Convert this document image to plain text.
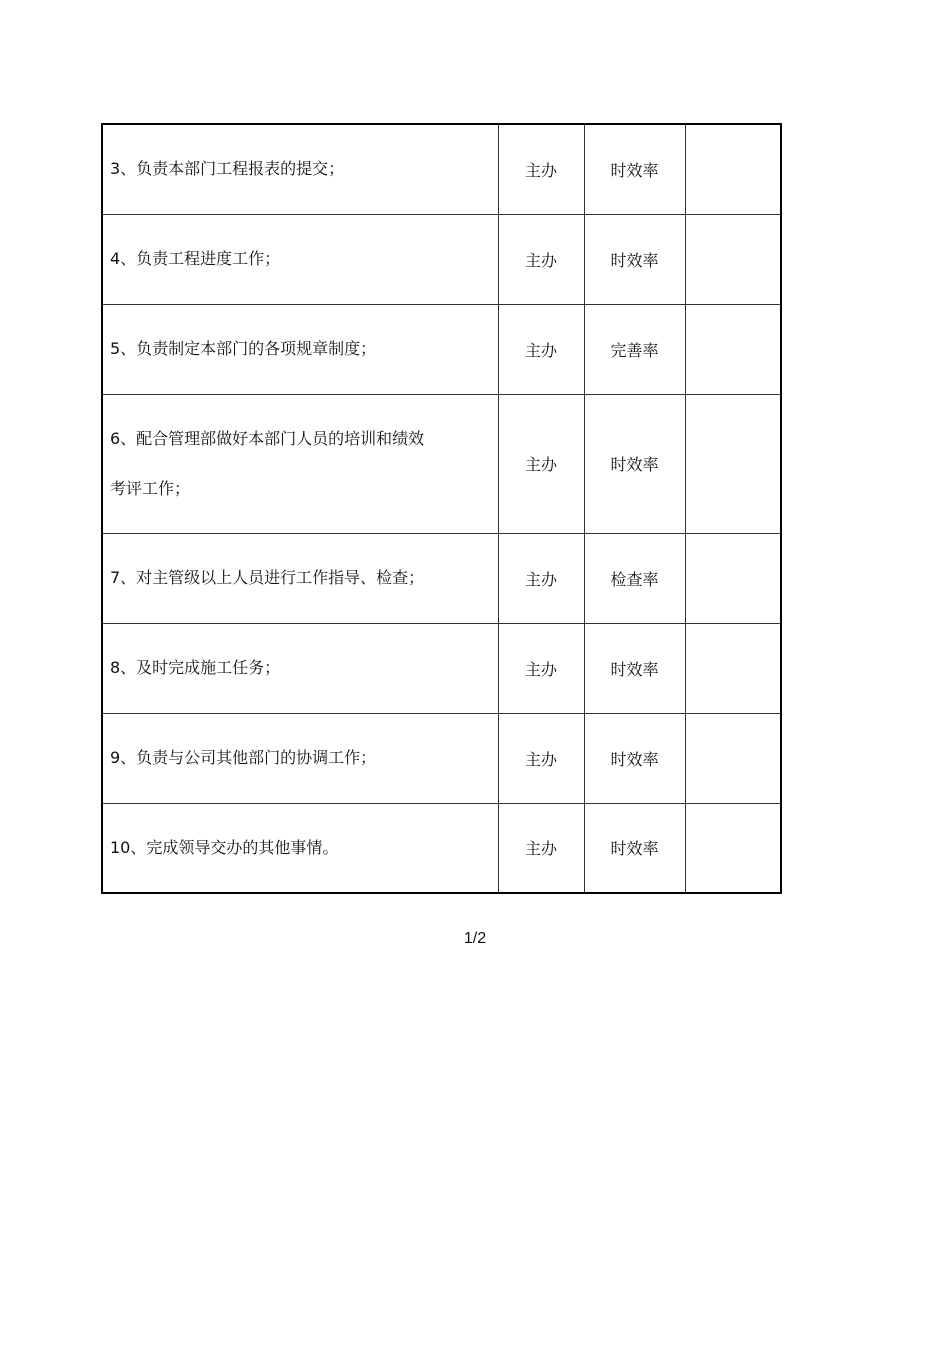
3、负责本部门工程报表的提交；	主办	时效率	
4、负责工程进度工作；	主办	时效率	
5、负责制定本部门的各项规章制度；	主办	完善率	

6、配合管理部做好本部门人员的培训和绩效
考评工作；	主办	时效率	
7、对主管级以上人员进行工作指导、检查；	主办	检查率	
8、及时完成施工任务；	主办	时效率	
9、负责与公司其他部门的协调工作；	主办	时效率	
10、完成领导交办的其他事情。	主办	时效率	
1/2
